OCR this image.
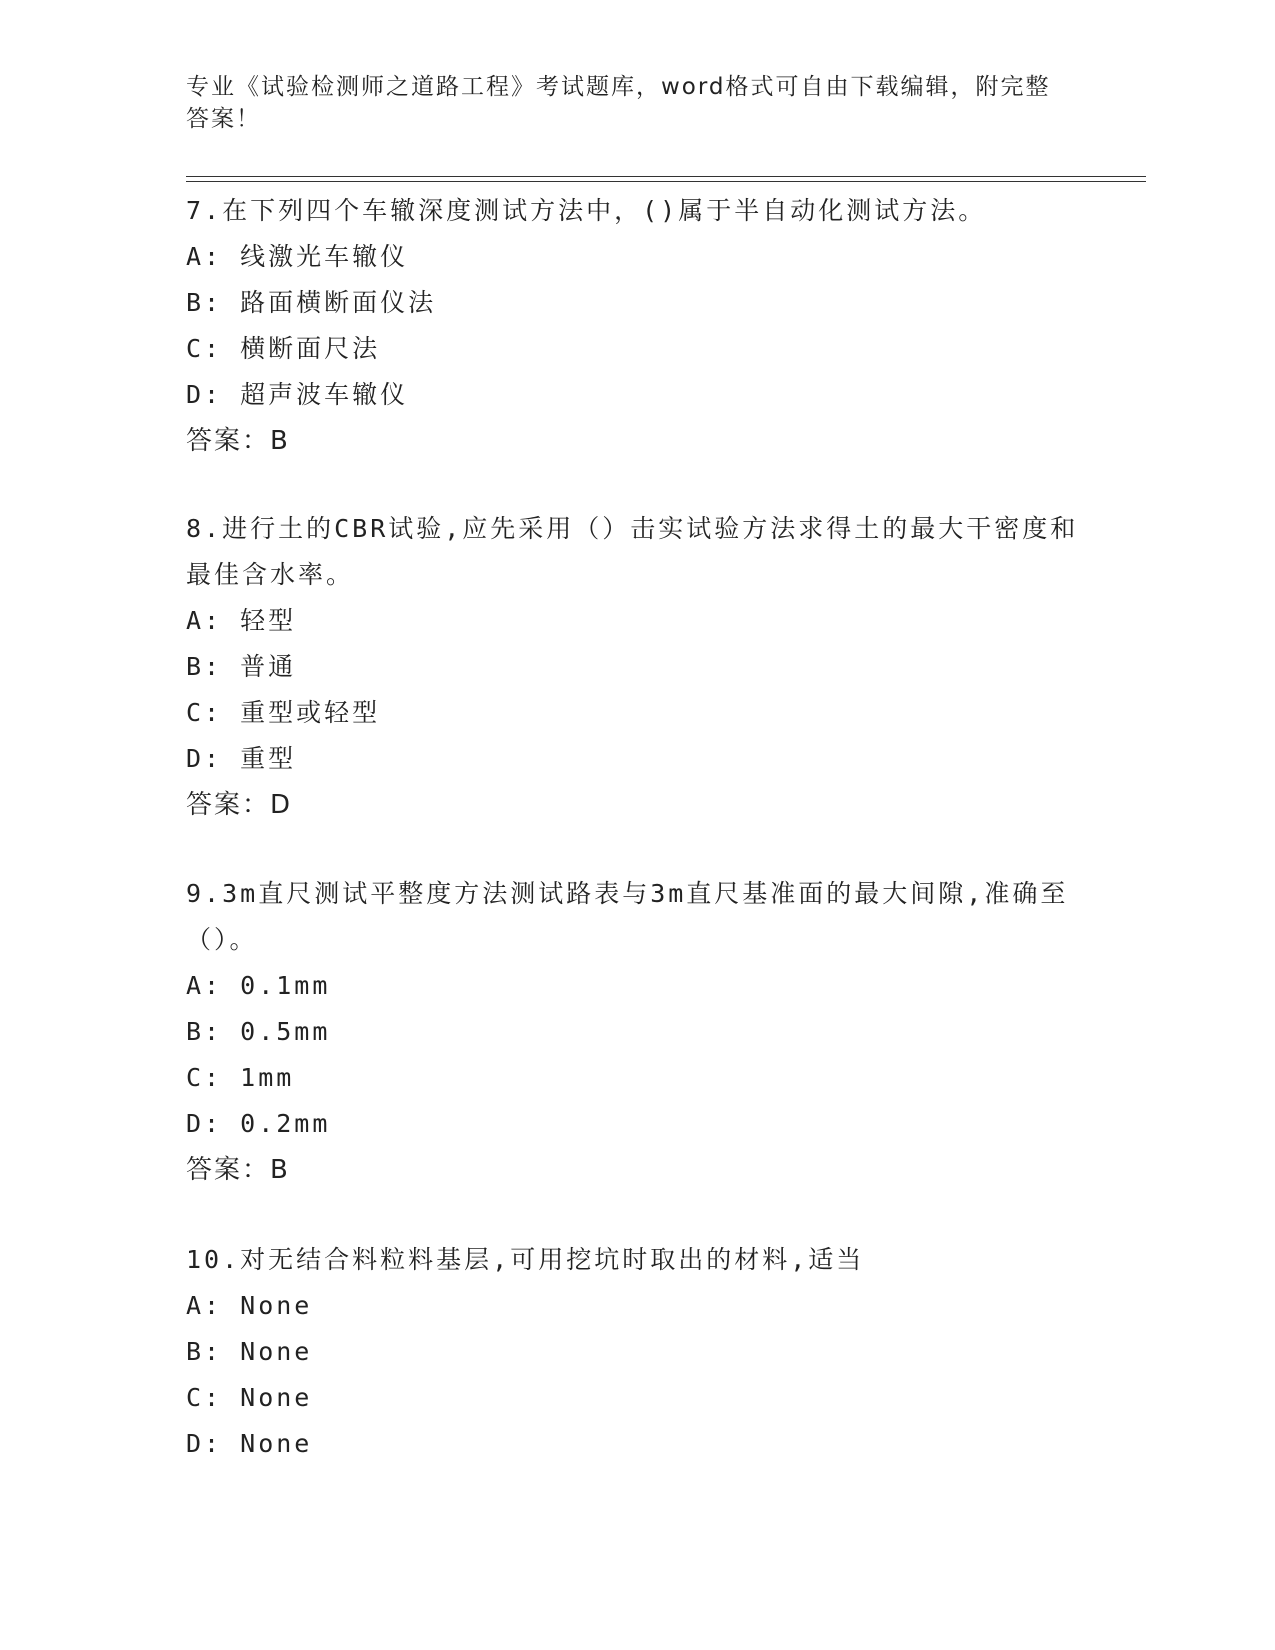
专业《试验检测师之道路工程》考试题库，word格式可自由下载编辑，附完整答案！

7.在下列四个车辙深度测试方法中，()属于半自动化测试方法。

A: 线激光车辙仪

B: 路面横断面仪法

C: 横断面尺法

D: 超声波车辙仪

答案：B

8.进行土的CBR试验,应先采用（）击实试验方法求得土的最大干密度和最佳含水率。

A: 轻型

B: 普通

C: 重型或轻型

D: 重型

答案：D

9.3m直尺测试平整度方法测试路表与3m直尺基准面的最大间隙,准确至（）。

A: 0.1mm

B: 0.5mm

C: 1mm

D: 0.2mm

答案：B

10.对无结合料粒料基层,可用挖坑时取出的材料,适当

A: None

B: None

C: None

D: None
